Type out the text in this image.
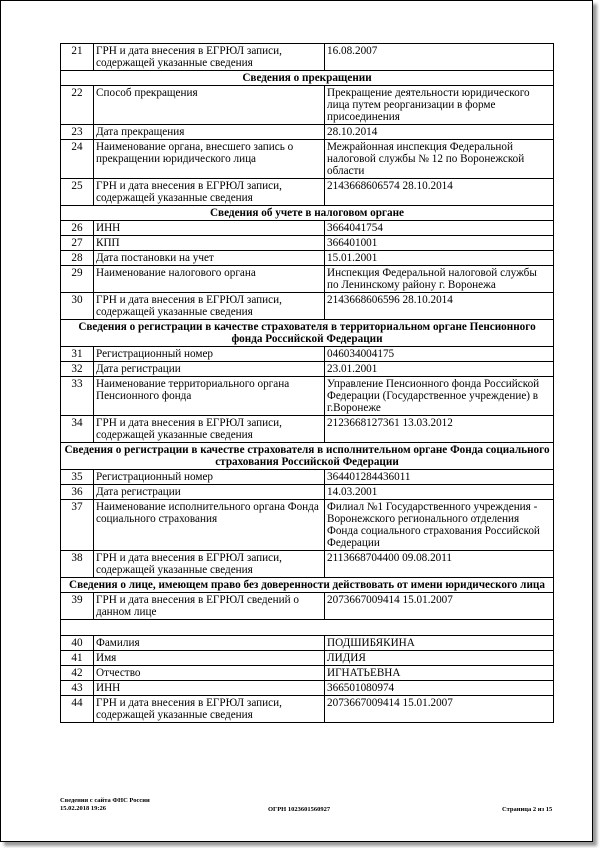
21	ГРН и дата внесения в ЕГРЮЛ записи, содержащей указанные сведения	16.08.2007
Сведения о прекращении		
22	Способ прекращения	Прекращение деятельности юридического лица путем реорганизации в форме присоединения
23	Дата прекращения	28.10.2014
24	Наименование органа, внесшего запись о прекращении юридического лица	Межрайонная инспекция Федеральной налоговой службы № 12 по Воронежской области
25	ГРН и дата внесения в ЕГРЮЛ записи, содержащей указанные сведения	2143668606574 28.10.2014
Сведения об учете в налоговом органе		
26	ИНН	3664041754
27	КПП	366401001
28	Дата постановки на учет	15.01.2001
29	Наименование налогового органа	Инспекция Федеральной налоговой службы по Ленинскому району г. Воронежа
30	ГРН и дата внесения в ЕГРЮЛ записи, содержащей указанные сведения	2143668606596 28.10.2014
Сведения о регистрации в качестве страхователя в территориальном органе Пенсионного фонда Российской Федерации		
31	Регистрационный номер	046034004175
32	Дата регистрации	23.01.2001
33	Наименование территориального органа Пенсионного фонда	Управление Пенсионного фонда Российской Федерации (Государственное учреждение) в г.Воронеже
34	ГРН и дата внесения в ЕГРЮЛ записи, содержащей указанные сведения	2123668127361 13.03.2012
Сведения о регистрации в качестве страхователя в исполнительном органе Фонда социального страхования Российской Федерации		
35	Регистрационный номер	364401284436011
36	Дата регистрации	14.03.2001
37	Наименование исполнительного органа Фонда социального страхования	Филиал №1 Государственного учреждения - Воронежского регионального отделения Фонда социального страхования Российской Федерации
38	ГРН и дата внесения в ЕГРЮЛ записи, содержащей указанные сведения	2113668704400 09.08.2011
Сведения о лице, имеющем право без доверенности действовать от имени юридического лица		
39	ГРН и дата внесения в ЕГРЮЛ сведений о данном лице	2073667009414 15.01.2007

40	Фамилия	ПОДШИБЯКИНА
41	Имя	ЛИДИЯ
42	Отчество	ИГНАТЬЕВНА
43	ИНН	366501080974
44	ГРН и дата внесения в ЕГРЮЛ записи, содержащей указанные сведения	2073667009414 15.01.2007
Сведения с сайта ФНС России
15.02.2018 19:26	ОГРН 1023601560927	Страница 2 из 15
